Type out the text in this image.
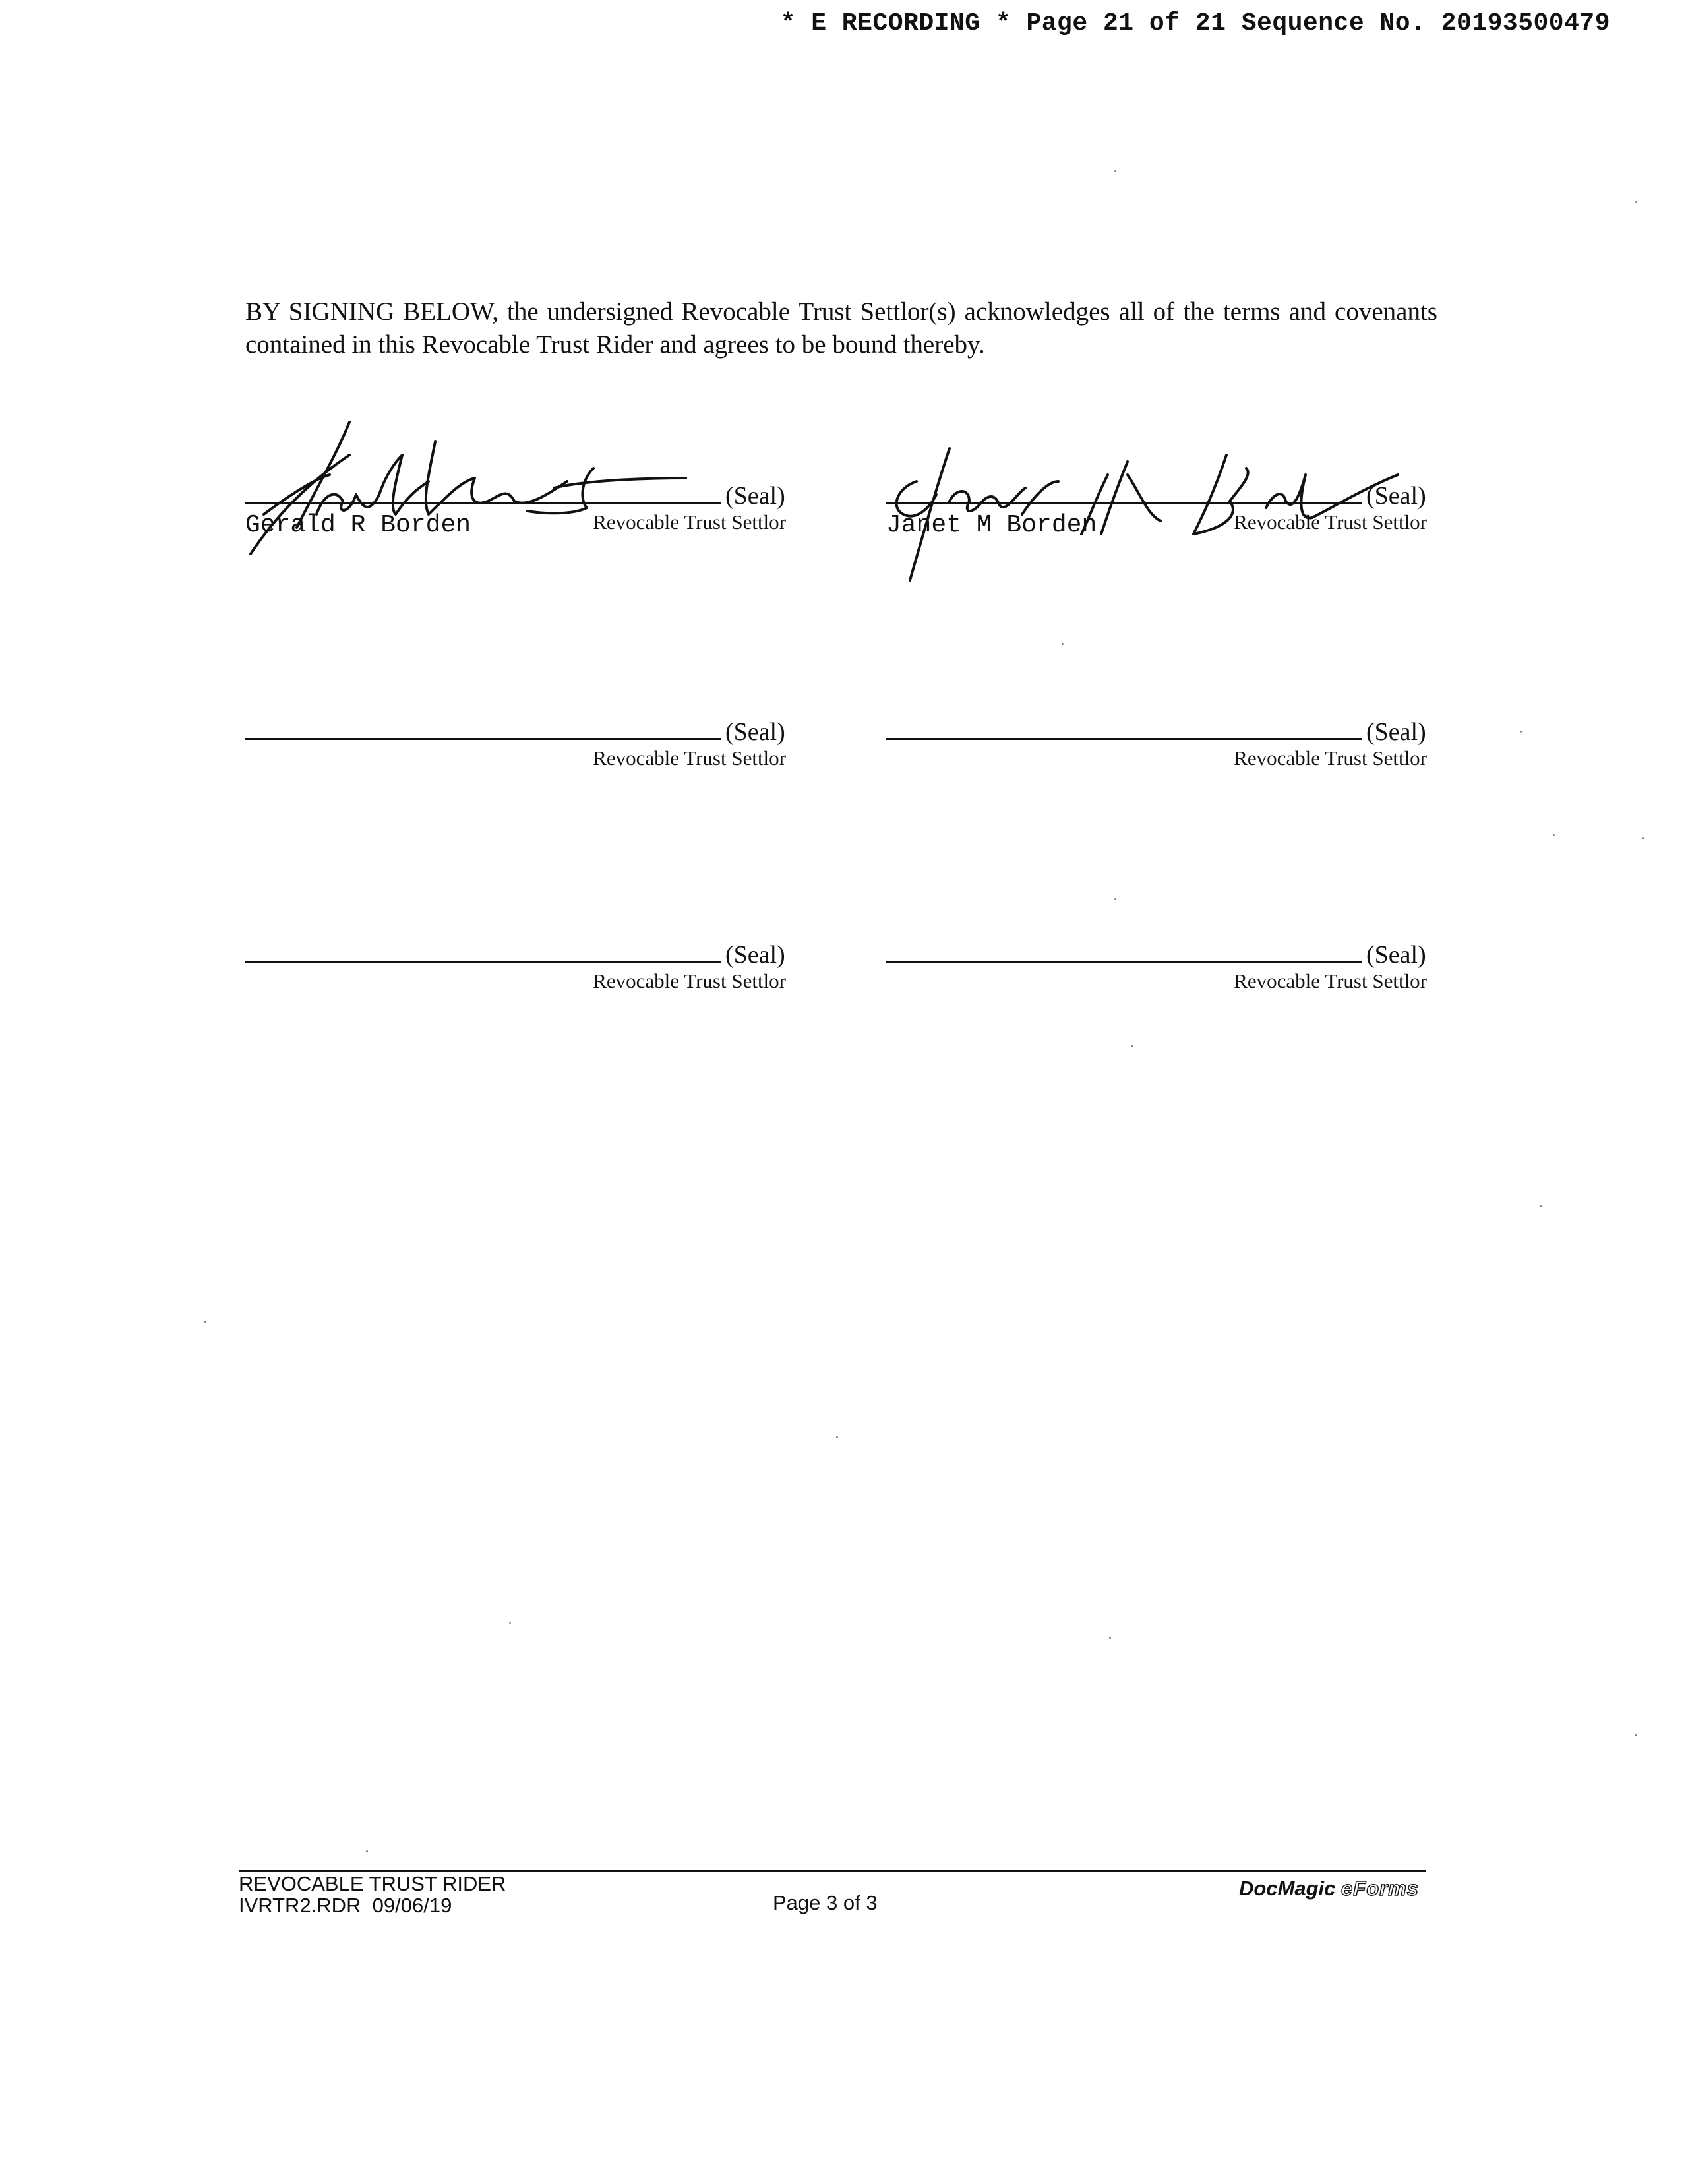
* E RECORDING * Page 21 of 21 Sequence No. 20193500479
BY SIGNING BELOW, the undersigned Revocable Trust Settlor(s) acknowledges all of the terms and covenants contained in this Revocable Trust Rider and agrees to be bound thereby.
(Seal)
Revocable Trust Settlor
Gerald R Borden
(Seal)
Revocable Trust Settlor
Janet M Borden
(Seal)
Revocable Trust Settlor
(Seal)
Revocable Trust Settlor
(Seal)
Revocable Trust Settlor
(Seal)
Revocable Trust Settlor
REVOCABLE TRUST RIDER
IVRTR2.RDR  09/06/19	Page 3 of 3
DocMagic eForms
